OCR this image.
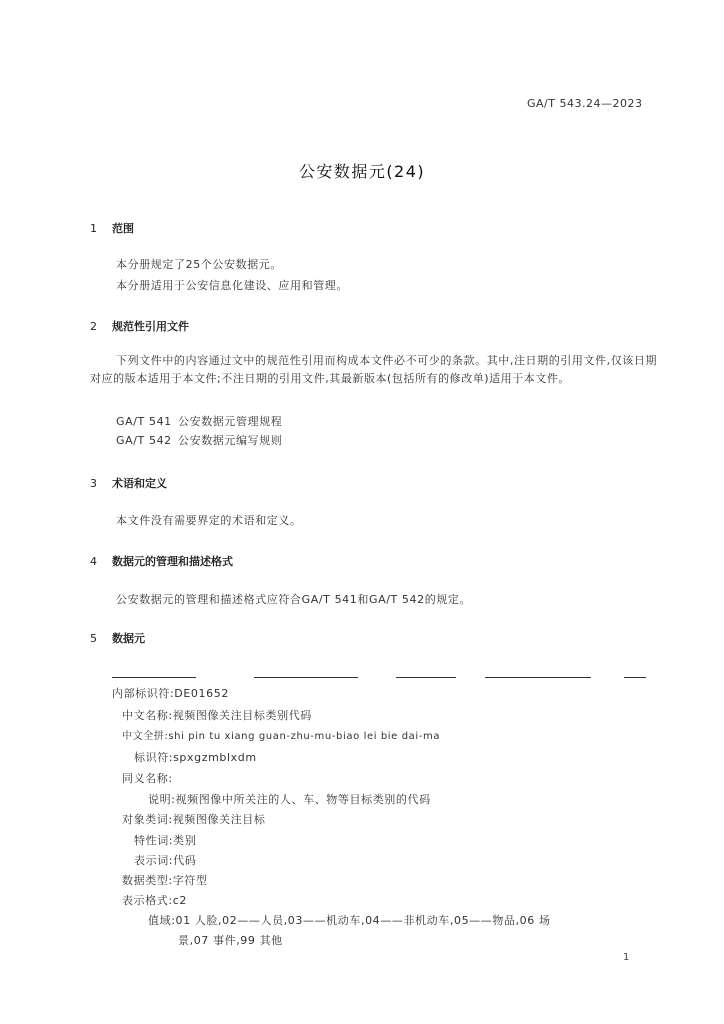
GA/T 543.24—2023
公安数据元(24)
1 范围
本分册规定了25个公安数据元。
本分册适用于公安信息化建设、应用和管理。
2 规范性引用文件
下列文件中的内容通过文中的规范性引用而构成本文件必不可少的条款。其中,注日期的引用文件,仅该日期对应的版本适用于本文件;不注日期的引用文件,其最新版本(包括所有的修改单)适用于本文件。
GA/T 541 公安数据元管理规程
GA/T 542 公安数据元编写规则
3 术语和定义
本文件没有需要界定的术语和定义。
4 数据元的管理和描述格式
公安数据元的管理和描述格式应符合GA/T 541和GA/T 542的规定。
5 数据元
内部标识符:DE01652
中文名称:视频图像关注目标类别代码
中文全拼:shi pin tu xiang guan-zhu-mu-biao lei bie dai-ma
标识符:spxgzmblxdm
同义名称:
说明:视频图像中所关注的人、车、物等目标类别的代码
对象类词:视频图像关注目标
特性词:类别
表示词:代码
数据类型:字符型
表示格式:c2
值域:01 人脸,02——人员,03——机动车,04——非机动车,05——物品,06 场
景,07 事件,99 其他
1
